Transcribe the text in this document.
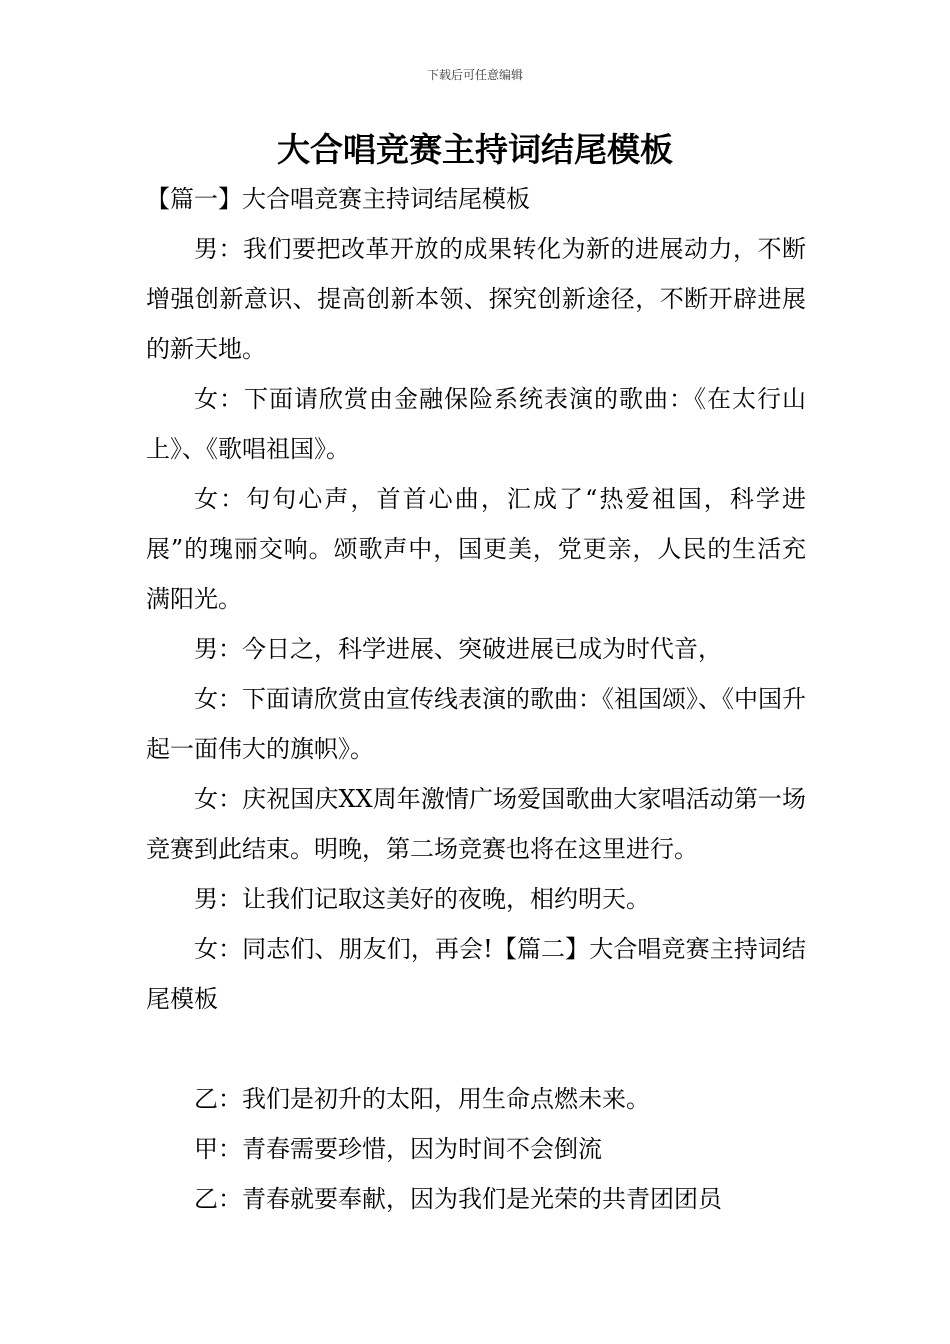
下载后可任意编辑
大合唱竞赛主持词结尾模板

【篇一】大合唱竞赛主持词结尾模板

男：我们要把改革开放的成果转化为新的进展动力，不断增强创新意识、提高创新本领、探究创新途径，不断开辟进展的新天地。

女：下面请欣赏由金融保险系统表演的歌曲：《在太行山上》、《歌唱祖国》。

女：句句心声，首首心曲，汇成了“热爱祖国，科学进展”的瑰丽交响。颂歌声中，国更美，党更亲，人民的生活充满阳光。

男：今日之，科学进展、突破进展已成为时代音，

女：下面请欣赏由宣传线表演的歌曲：《祖国颂》、《中国升起一面伟大的旗帜》。

女：庆祝国庆XX周年激情广场爱国歌曲大家唱活动第一场竞赛到此结束。明晚，第二场竞赛也将在这里进行。

男：让我们记取这美好的夜晚，相约明天。

女：同志们、朋友们，再会!【篇二】大合唱竞赛主持词结尾模板

乙：我们是初升的太阳，用生命点燃未来。

甲：青春需要珍惜，因为时间不会倒流

乙：青春就要奉献，因为我们是光荣的共青团团员
